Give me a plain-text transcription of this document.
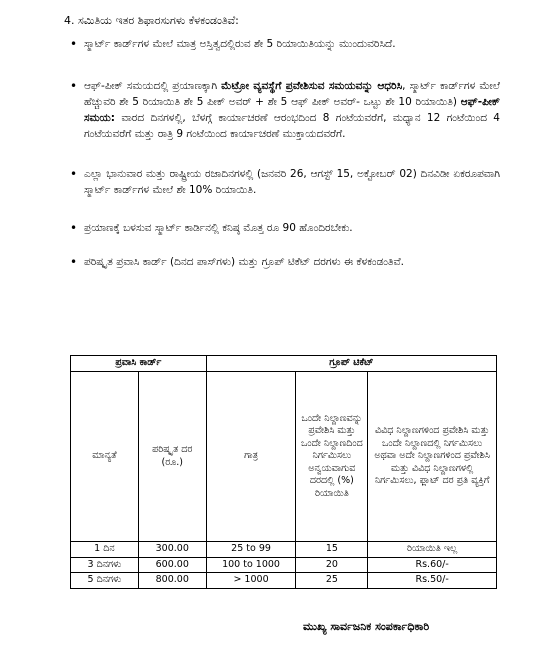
4. ಸಮಿತಿಯ ಇತರ ಶಿಫಾರಸುಗಳು ಕೆಳಕಂಡಂತಿವೆ:
• ಸ್ಮಾರ್ಟ್ ಕಾರ್ಡ್‌ಗಳ ಮೇಲೆ ಮಾತ್ರ ಅಸ್ತಿತ್ವದಲ್ಲಿರುವ ಶೇ 5 ರಿಯಾಯಿತಿಯನ್ನು ಮುಂದುವರಿಸಿದೆ.
• ಆಫ್-ಪೀಕ್ ಸಮಯದಲ್ಲಿ ಪ್ರಯಾಣಕ್ಕಾಗಿ ಮೆಟ್ರೋ ವ್ಯವಸ್ಥೆಗೆ ಪ್ರವೇಶಿಸುವ ಸಮಯವನ್ನು ಆಧರಿಸಿ, ಸ್ಮಾರ್ಟ್ ಕಾರ್ಡ್‌ಗಳ ಮೇಲೆ ಹೆಚ್ಚುವರಿ ಶೇ 5 ರಿಯಾಯಿತಿ ಶೇ 5 ಪೀಕ್ ಅವರ್ + ಶೇ 5 ಆಫ್ ಪೀಕ್ ಅವರ್- ಒಟ್ಟು ಶೇ 10 ರಿಯಾಯಿತಿ) ಆಫ್-ಪೀಕ್ ಸಮಯ: ವಾರದ ದಿನಗಳಲ್ಲಿ, ಬೆಳಗ್ಗೆ ಕಾರ್ಯಾಚರಣೆ ಆರಂಭದಿಂದ 8 ಗಂಟೆಯವರೆಗೆ, ಮಧ್ಯಾನ 12 ಗಂಟೆಯಿಂದ 4 ಗಂಟೆಯವರೆಗೆ ಮತ್ತು ರಾತ್ರಿ 9 ಗಂಟೆಯಿಂದ ಕಾರ್ಯಾಚರಣೆ ಮುಕ್ತಾಯದವರೆಗೆ.
• ಎಲ್ಲಾ ಭಾನುವಾರ ಮತ್ತು ರಾಷ್ಟ್ರೀಯ ರಜಾದಿನಗಳಲ್ಲಿ (ಜನವರಿ 26, ಆಗಸ್ಟ್ 15, ಅಕ್ಟೋಬರ್ 02) ದಿನವಿಡೀ ಏಕರೂಪವಾಗಿ ಸ್ಮಾರ್ಟ್ ಕಾರ್ಡ್‌ಗಳ ಮೇಲೆ ಶೇ 10% ರಿಯಾಯಿತಿ.
• ಪ್ರಯಾಣಕ್ಕೆ ಬಳಸುವ ಸ್ಮಾರ್ಟ್ ಕಾರ್ಡಿನಲ್ಲಿ ಕನಿಷ್ಠ ಮೊತ್ತ ರೂ 90 ಹೊಂದಿರಬೇಕು.
• ಪರಿಷ್ಕೃತ ಪ್ರವಾಸಿ ಕಾರ್ಡ್ (ದಿನದ ಪಾಸ್‌ಗಳು) ಮತ್ತು ಗ್ರೂಪ್ ಟಿಕೆಟ್ ದರಗಳು ಈ ಕೆಳಕಂಡಂತಿವೆ.
ಪ್ರವಾಸಿ ಕಾರ್ಡ್		ಗ್ರೂಪ್ ಟಿಕೆಟ್		
ಮಾನ್ಯತೆ	ಪರಿಷ್ಕೃತ ದರ (ರೂ.)	ಗಾತ್ರ	ಒಂದೇ ನಿಲ್ದಾಣವನ್ನು ಪ್ರವೇಶಿಸಿ ಮತ್ತು ಒಂದೇ ನಿಲ್ದಾಣದಿಂದ ನಿರ್ಗಮಿಸಲು ಅನ್ವಯವಾಗುವ ದರದಲ್ಲಿ (%) ರಿಯಾಯಿತಿ	ವಿವಿಧ ನಿಲ್ದಾಣಗಳಿಂದ ಪ್ರವೇಶಿಸಿ ಮತ್ತು ಒಂದೇ ನಿಲ್ದಾಣದಲ್ಲಿ ನಿರ್ಗಮಿಸಲು ಅಥವಾ ಅದೇ ನಿಲ್ದಾಣಗಳಿಂದ ಪ್ರವೇಶಿಸಿ ಮತ್ತು ವಿವಿಧ ನಿಲ್ದಾಣಗಳಲ್ಲಿ ನಿರ್ಗಮಿಸಲು, ಫ್ಲಾಟ್ ದರ ಪ್ರತಿ ವ್ಯಕ್ತಿಗೆ
1 ದಿನ	300.00	25 to 99	15	ರಿಯಾಯಿತಿ ಇಲ್ಲ
3 ದಿನಗಳು	600.00	100 to 1000	20	Rs.60/-
5 ದಿನಗಳು	800.00	> 1000	25	Rs.50/-
ಮುಖ್ಯ ಸಾರ್ವಜನಿಕ ಸಂಪರ್ಕಾಧಿಕಾರಿ
